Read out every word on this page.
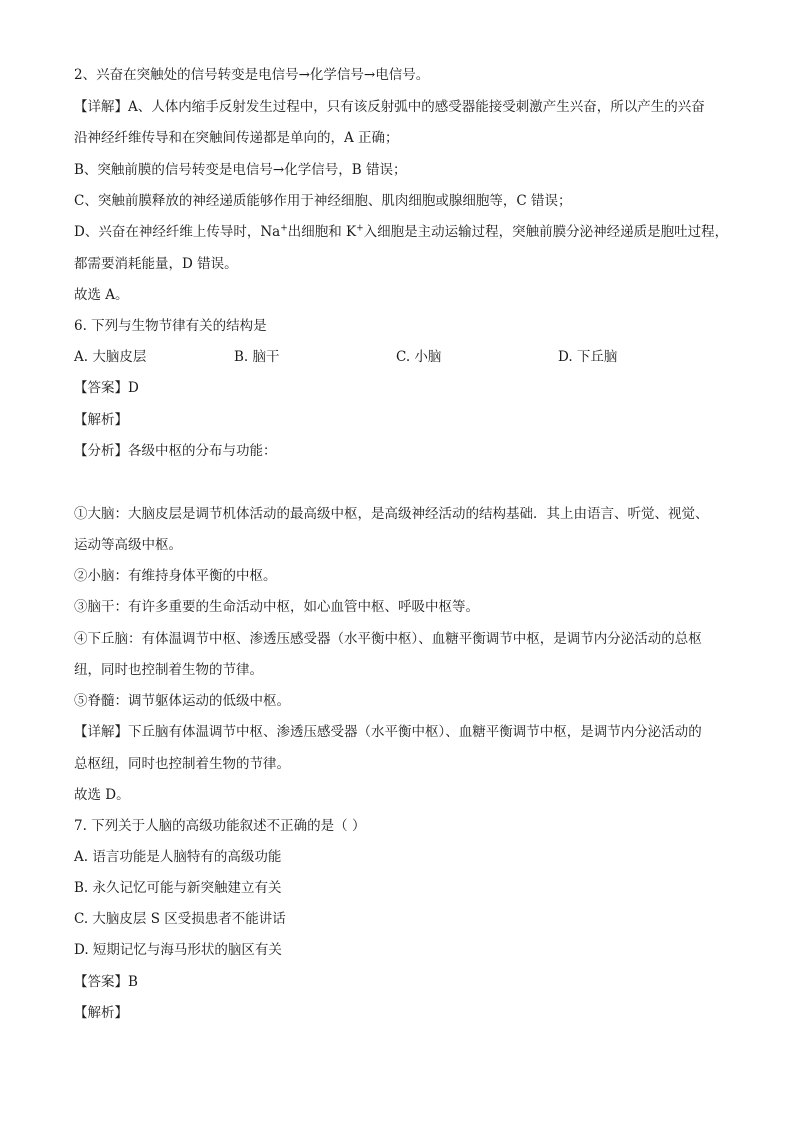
2、兴奋在突触处的信号转变是电信号→化学信号→电信号。
【详解】A、人体内缩手反射发生过程中，只有该反射弧中的感受器能接受刺激产生兴奋，所以产生的兴奋
沿神经纤维传导和在突触间传递都是单向的，A 正确；
B、突触前膜的信号转变是电信号→化学信号，B 错误；
C、突触前膜释放的神经递质能够作用于神经细胞、肌肉细胞或腺细胞等，C 错误；
D、兴奋在神经纤维上传导时，Na+出细胞和 K+入细胞是主动运输过程，突触前膜分泌神经递质是胞吐过程，
都需要消耗能量，D 错误。
故选 A。
6. 下列与生物节律有关的结构是
A. 大脑皮层	B. 脑干	C. 小脑	D. 下丘脑
【答案】D
【解析】
【分析】各级中枢的分布与功能：
①大脑：大脑皮层是调节机体活动的最高级中枢，是高级神经活动的结构基础．其上由语言、听觉、视觉、
运动等高级中枢。
②小脑：有维持身体平衡的中枢。
③脑干：有许多重要的生命活动中枢，如心血管中枢、呼吸中枢等。
④下丘脑：有体温调节中枢、渗透压感受器（水平衡中枢）、血糖平衡调节中枢，是调节内分泌活动的总枢
纽，同时也控制着生物的节律。
⑤脊髓：调节躯体运动的低级中枢。
【详解】下丘脑有体温调节中枢、渗透压感受器（水平衡中枢）、血糖平衡调节中枢，是调节内分泌活动的
总枢纽，同时也控制着生物的节律。
故选 D。
7. 下列关于人脑的高级功能叙述不正确的是（ ）
A. 语言功能是人脑特有的高级功能
B. 永久记忆可能与新突触建立有关
C. 大脑皮层 S 区受损患者不能讲话
D. 短期记忆与海马形状的脑区有关
【答案】B
【解析】
